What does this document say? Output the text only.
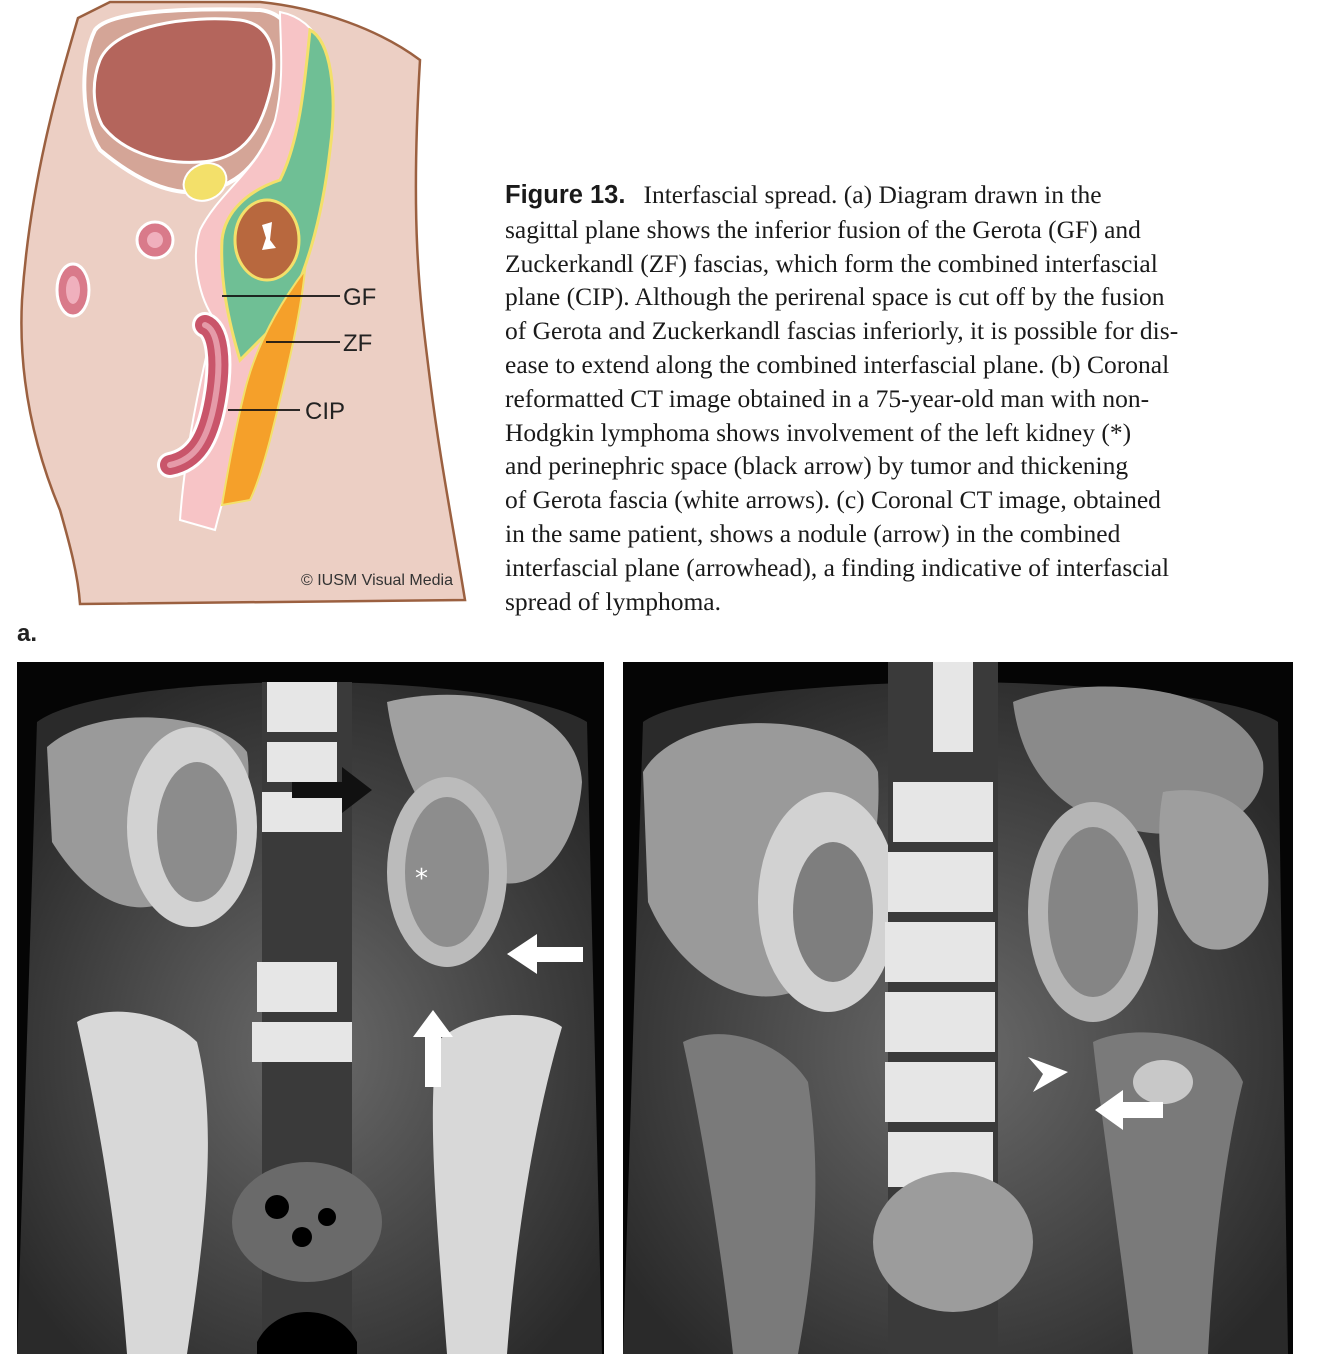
GF
ZF
CIP
© IUSM Visual Media
Figure 13. Interfascial spread. (a) Diagram drawn in the
sagittal plane shows the inferior fusion of the Gerota (GF) and
Zuckerkandl (ZF) fascias, which form the combined interfascial
plane (CIP). Although the perirenal space is cut off by the fusion
of Gerota and Zuckerkandl fascias inferiorly, it is possible for dis-
ease to extend along the combined interfascial plane. (b) Coronal
reformatted CT image obtained in a 75-year-old man with non-
Hodgkin lymphoma shows involvement of the left kidney (*)
and perinephric space (black arrow) by tumor and thickening
of Gerota fascia (white arrows). (c) Coronal CT image, obtained
in the same patient, shows a nodule (arrow) in the combined
interfascial plane (arrowhead), a finding indicative of interfascial
spread of lymphoma.
a.
*
